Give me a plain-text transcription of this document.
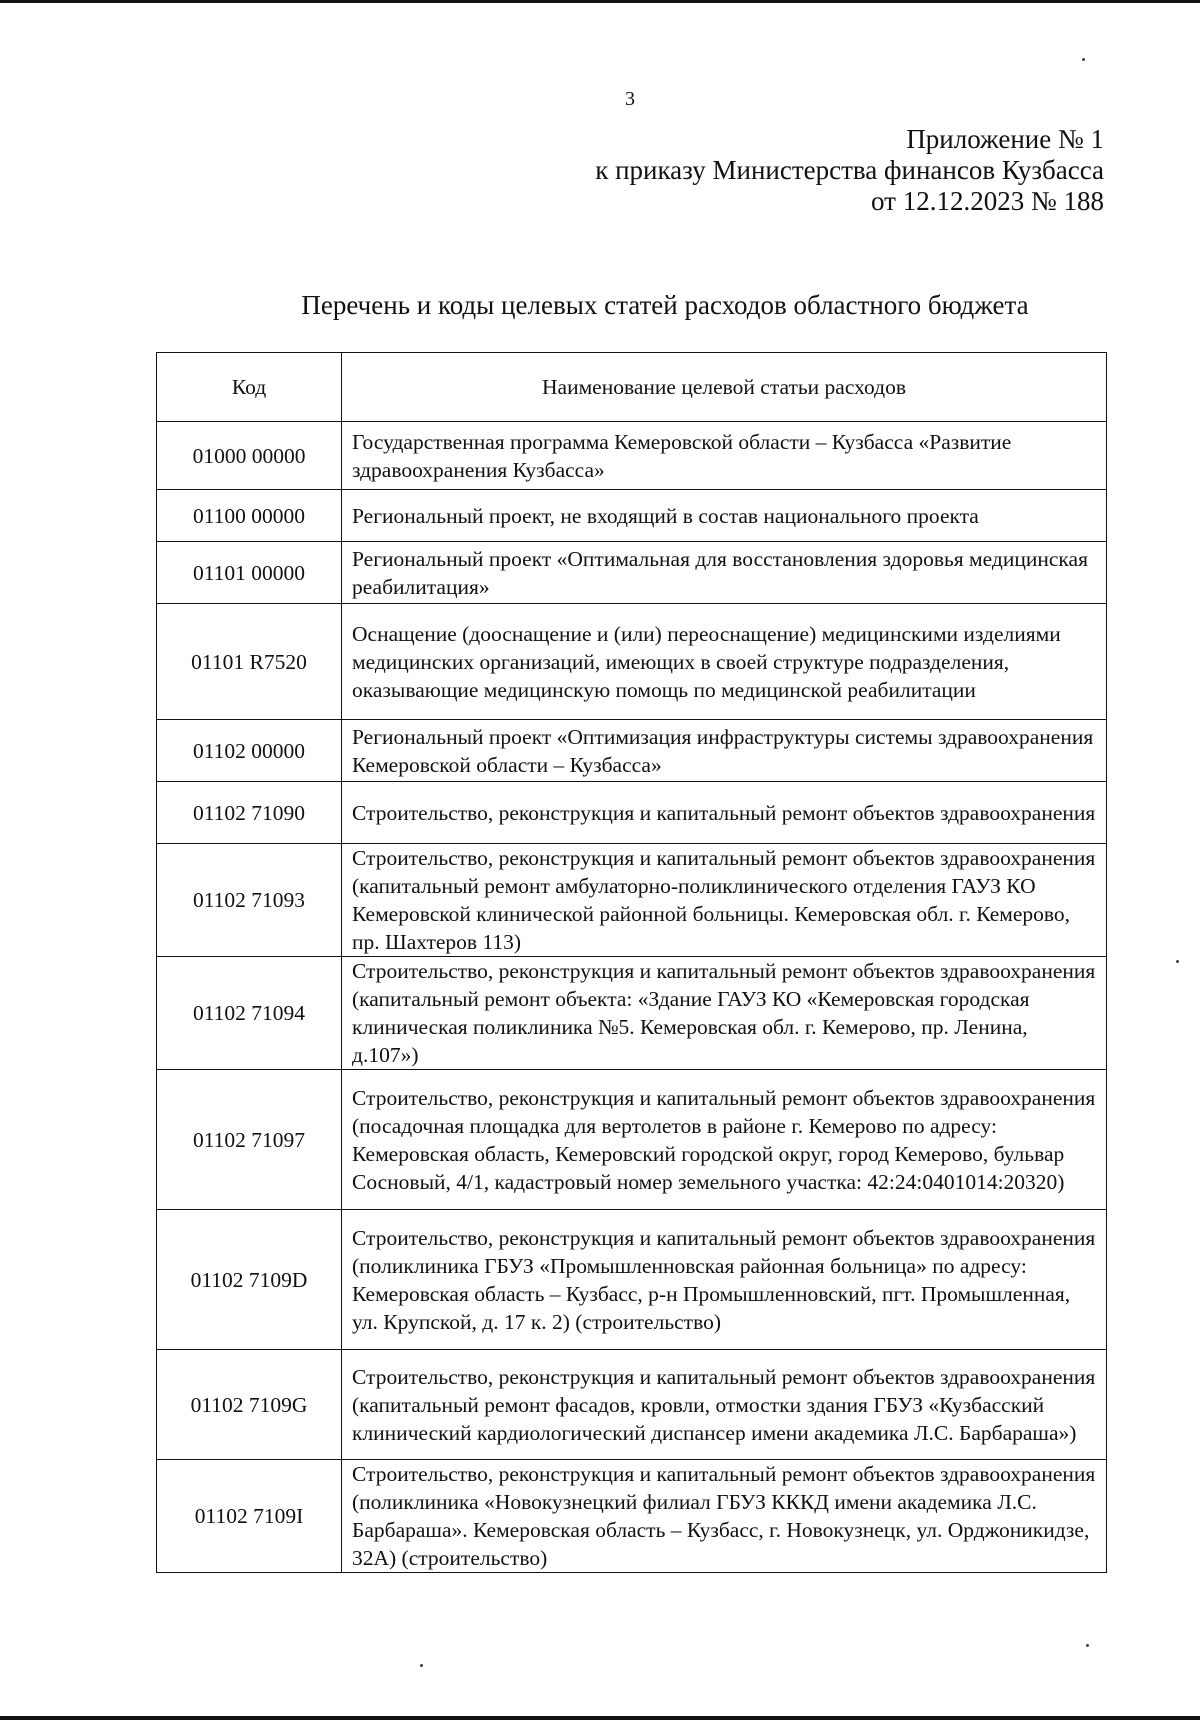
3
Приложение № 1
к приказу Министерства финансов Кузбасса
от 12.12.2023 № 188
Перечень и коды целевых статей расходов областного бюджета
Код	Наименование целевой статьи расходов
01000 00000	Государственная программа Кемеровской области – Кузбасса «Развитие здравоохранения Кузбасса»
01100 00000	Региональный проект, не входящий в состав национального проекта
01101 00000	Региональный проект «Оптимальная для восстановления здоровья медицинская реабилитация»
01101 R7520	Оснащение (дооснащение и (или) переоснащение) медицинскими изделиями медицинских организаций, имеющих в своей структуре подразделения, оказывающие медицинскую помощь по медицинской реабилитации
01102 00000	Региональный проект «Оптимизация инфраструктуры системы здравоохранения Кемеровской области – Кузбасса»
01102 71090	Строительство, реконструкция и капитальный ремонт объектов здравоохранения
01102 71093	Строительство, реконструкция и капитальный ремонт объектов здравоохранения (капитальный ремонт амбулаторно-поликлинического отделения ГАУЗ КО Кемеровской клинической районной больницы. Кемеровская обл. г. Кемерово, пр. Шахтеров 113)
01102 71094	Строительство, реконструкция и капитальный ремонт объектов здравоохранения (капитальный ремонт объекта: «Здание ГАУЗ КО «Кемеровская городская клиническая поликлиника №5. Кемеровская обл. г. Кемерово, пр. Ленина, д.107»)
01102 71097	Строительство, реконструкция и капитальный ремонт объектов здравоохранения (посадочная площадка для вертолетов в районе г. Кемерово по адресу: Кемеровская область, Кемеровский городской округ, город Кемерово, бульвар Сосновый, 4/1, кадастровый номер земельного участка: 42:24:0401014:20320)
01102 7109D	Строительство, реконструкция и капитальный ремонт объектов здравоохранения (поликлиника ГБУЗ «Промышленновская районная больница» по адресу: Кемеровская область – Кузбасс, р-н Промышленновский, пгт. Промышленная, ул. Крупской, д. 17 к. 2) (строительство)
01102 7109G	Строительство, реконструкция и капитальный ремонт объектов здравоохранения (капитальный ремонт фасадов, кровли, отмостки здания ГБУЗ «Кузбасский клинический кардиологический диспансер имени академика Л.С. Барбараша»)
01102 7109I	Строительство, реконструкция и капитальный ремонт объектов здравоохранения (поликлиника «Новокузнецкий филиал ГБУЗ КККД имени академика Л.С. Барбараша». Кемеровская область – Кузбасс, г. Новокузнецк, ул. Орджоникидзе, 32А) (строительство)
